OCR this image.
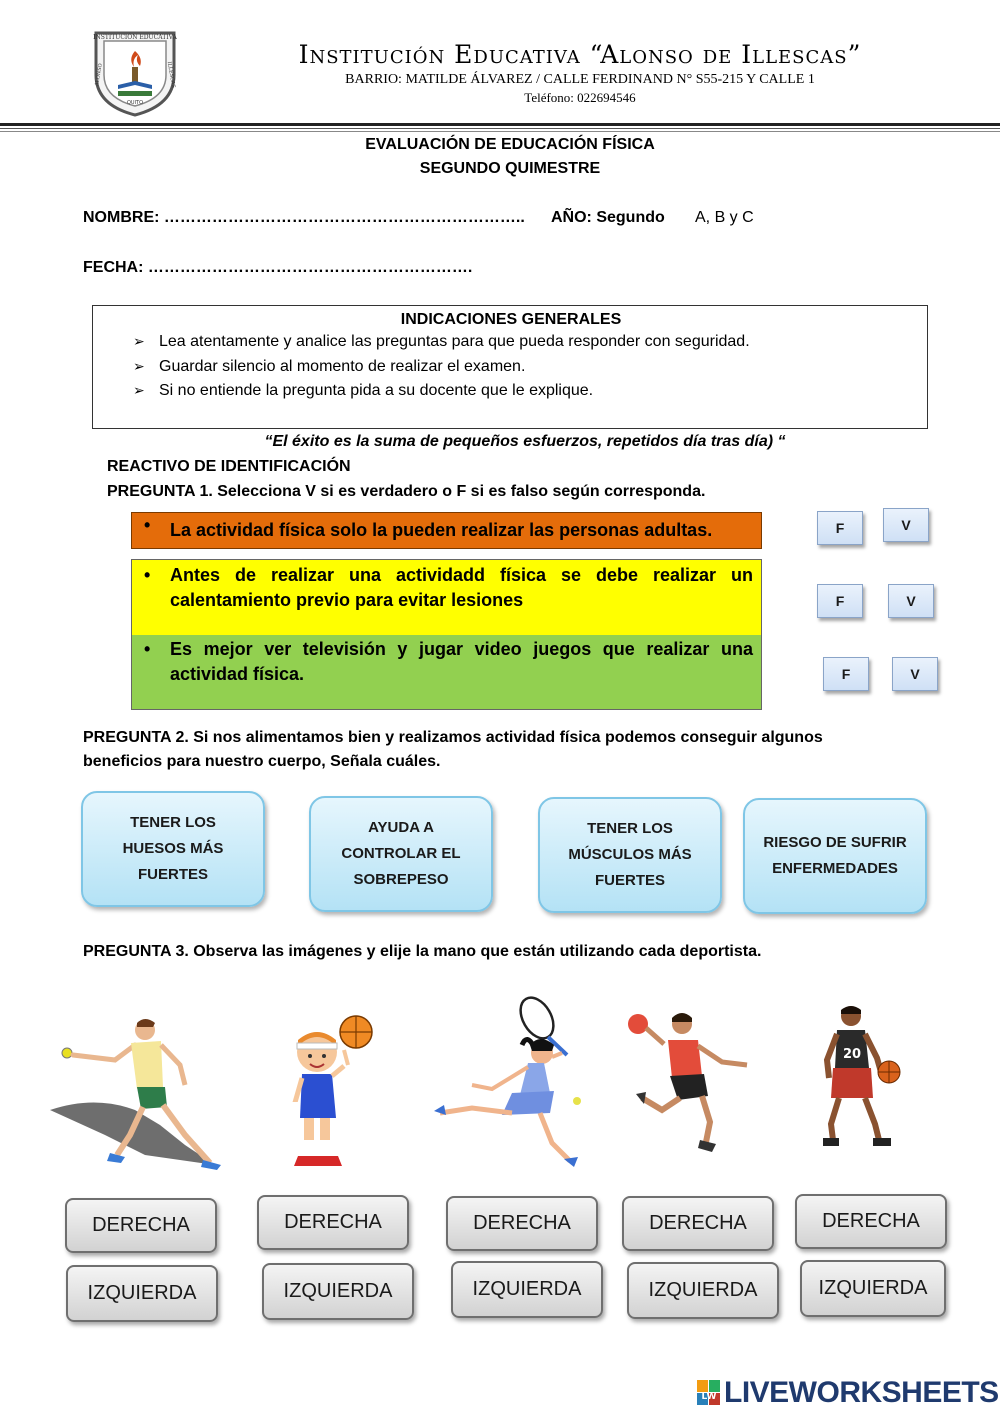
INSTITUCIÓN EDUCATIVA
ALONSO	ILLESCAS
QUITO
Institución Educativa “Alonso de Illescas”
BARRIO: MATILDE ÁLVAREZ / CALLE FERDINAND N° S55-215 Y CALLE 1
Teléfono: 022694546
EVALUACIÓN DE EDUCACIÓN FÍSICA
SEGUNDO QUIMESTRE
NOMBRE: ………………………………………………………….. AÑO: Segundo A, B y C
FECHA: …………………………………………………….
INDICACIONES GENERALES
➢ Lea atentamente y analice las preguntas para que pueda responder con seguridad.
➢ Guardar silencio al momento de realizar el examen.
➢ Si no entiende la pregunta pida a su docente que le explique.
“El éxito es la suma de pequeños esfuerzos, repetidos día tras día) “
REACTIVO DE IDENTIFICACIÓN
PREGUNTA 1. Selecciona V si es verdadero o F si es falso según corresponda.
• La actividad física solo la pueden realizar las personas adultas.
• Antes de realizar una actividadd física se debe realizar un calentamiento previo para evitar lesiones
• Es mejor ver televisión y jugar video juegos que realizar una actividad física.
F	V
F	V
F	V
PREGUNTA 2. Si nos alimentamos bien y realizamos actividad física podemos conseguir algunos beneficios para nuestro cuerpo, Señala cuáles.
TENER LOS HUESOS MÁS FUERTES
AYUDA A CONTROLAR EL SOBREPESO
TENER LOS MÚSCULOS MÁS FUERTES
RIESGO DE SUFRIR ENFERMEDADES
PREGUNTA 3. Observa las imágenes y elije la mano que están utilizando cada deportista.
20
DERECHA	DERECHA	DERECHA	DERECHA	DERECHA
IZQUIERDA	IZQUIERDA	IZQUIERDA	IZQUIERDA	IZQUIERDA
LW LIVEWORKSHEETS
